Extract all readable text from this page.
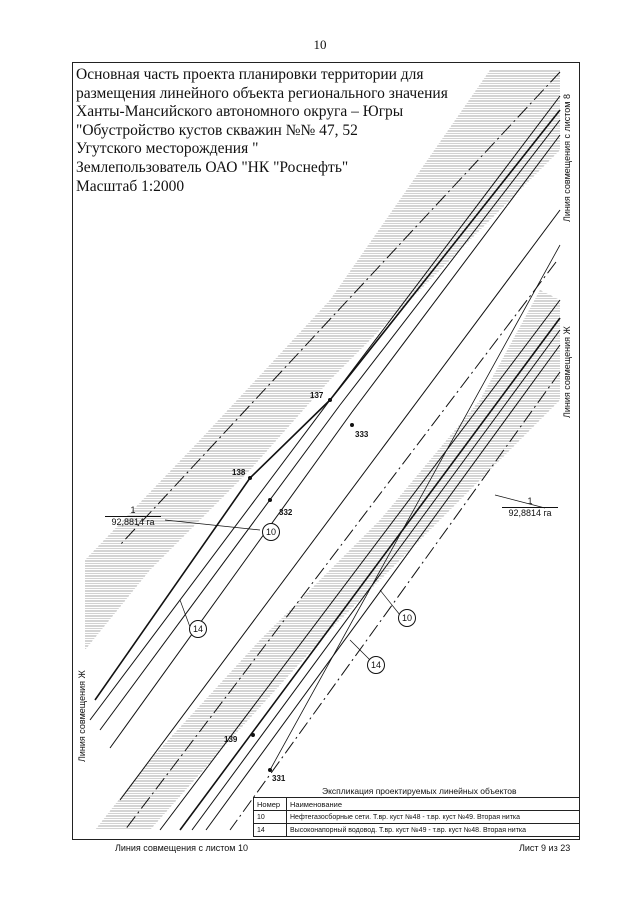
10
Основная часть проекта планировки территории для
размещения линейного объекта регионального значения
Ханты-Мансийского автономного округа – Югры
"Обустройство кустов скважин №№ 47, 52
Угутского месторождения "
Землепользователь ОАО "НК "Роснефть"
Масштаб 1:2000	Линия совмещения с листом 8
Линия совмещения Ж
Линия совмещения Ж
1
92,8814 га
1
92,8814 га
137
138
333
332
139
331
10
14
10
14
Экспликация проектируемых линейных объектов
Номер	Наименование
10	Нефтегазосборные сети. Т.вр. куст №48 - т.вр. куст №49. Вторая нитка
14	Высоконапорный водовод. Т.вр. куст №49 - т.вр. куст №48. Вторая нитка
Линия совмещения с листом 10	Лист 9 из 23
